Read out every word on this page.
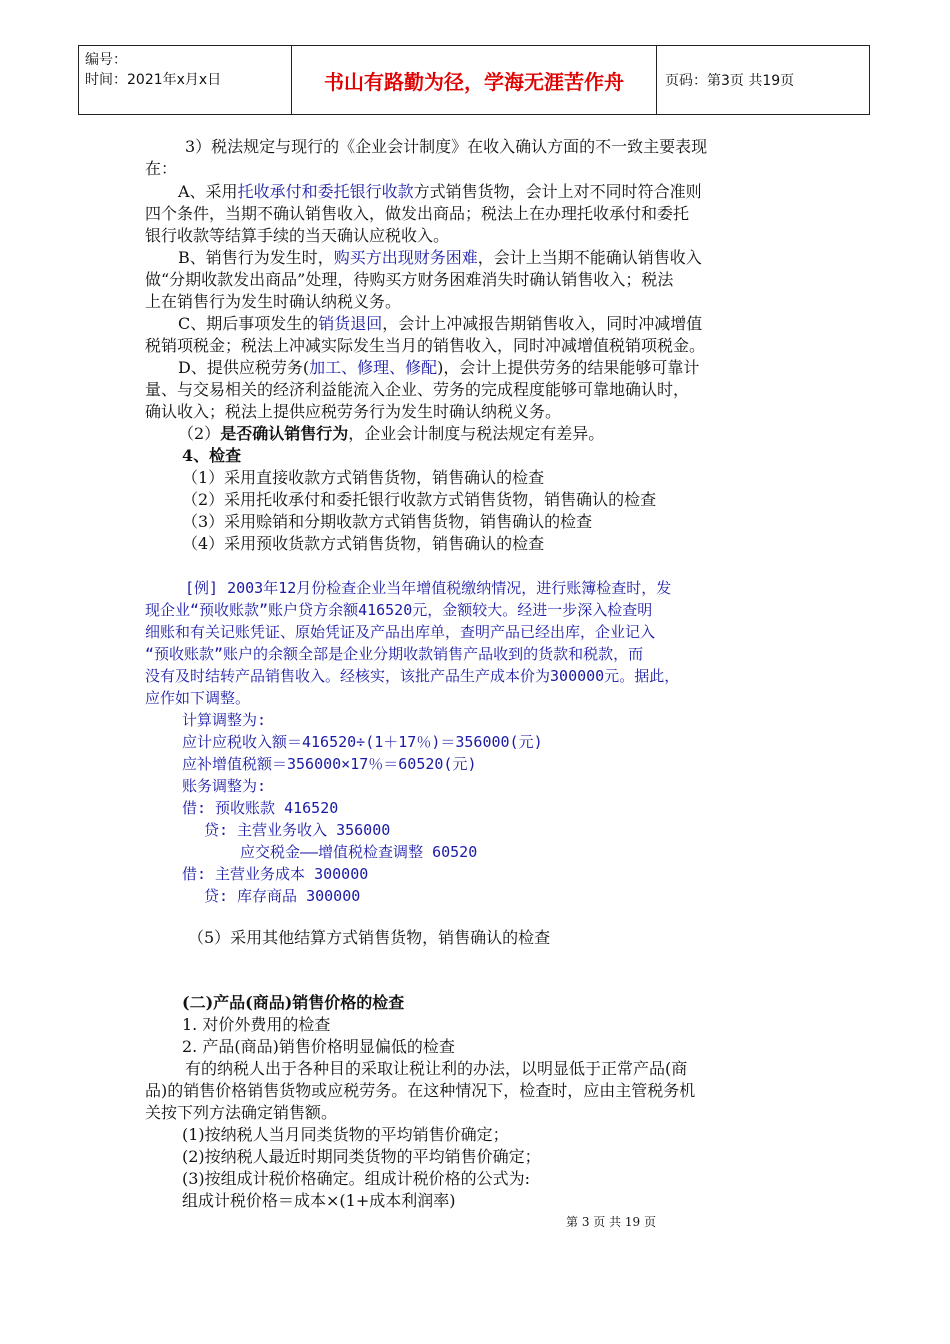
编号：
时间：2021年x月x日	书山有路勤为径，学海无涯苦作舟	页码：第3页 共19页
3）税法规定与现行的《企业会计制度》在收入确认方面的不一致主要表现
在：
A、采用托收承付和委托银行收款方式销售货物，会计上对不同时符合准则
四个条件，当期不确认销售收入，做发出商品；税法上在办理托收承付和委托
银行收款等结算手续的当天确认应税收入。
B、销售行为发生时，购买方出现财务困难，会计上当期不能确认销售收入
做“分期收款发出商品”处理，待购买方财务困难消失时确认销售收入；税法
上在销售行为发生时确认纳税义务。
C、期后事项发生的销货退回，会计上冲减报告期销售收入，同时冲减增值
税销项税金；税法上冲减实际发生当月的销售收入，同时冲减增值税销项税金。
D、提供应税劳务(加工、修理、修配)，会计上提供劳务的结果能够可靠计
量、与交易相关的经济利益能流入企业、劳务的完成程度能够可靠地确认时，
确认收入；税法上提供应税劳务行为发生时确认纳税义务。
（2）是否确认销售行为，企业会计制度与税法规定有差异。
4、检查
（1）采用直接收款方式销售货物，销售确认的检查
（2）采用托收承付和委托银行收款方式销售货物，销售确认的检查
（3）采用赊销和分期收款方式销售货物，销售确认的检查
（4）采用预收货款方式销售货物，销售确认的检查
[例] 2003年12月份检查企业当年增值税缴纳情况，进行账簿检查时，发
现企业“预收账款”账户贷方余额416520元，金额较大。经进一步深入检查明
细账和有关记账凭证、原始凭证及产品出库单，查明产品已经出库，企业记入
“预收账款”账户的余额全部是企业分期收款销售产品收到的货款和税款，而
没有及时结转产品销售收入。经核实，该批产品生产成本价为300000元。据此，
应作如下调整。
计算调整为:
应计应税收入额＝416520÷(1＋17％)＝356000(元)
应补增值税额＝356000×17％＝60520(元)
账务调整为:
借: 预收账款 416520
贷: 主营业务收入 356000
应交税金——增值税检查调整 60520
借: 主营业务成本 300000
贷: 库存商品 300000
（5）采用其他结算方式销售货物，销售确认的检查
(二)产品(商品)销售价格的检查
1. 对价外费用的检查
2. 产品(商品)销售价格明显偏低的检查
有的纳税人出于各种目的采取让税让利的办法，以明显低于正常产品(商
品)的销售价格销售货物或应税劳务。在这种情况下，检查时，应由主管税务机
关按下列方法确定销售额。
(1)按纳税人当月同类货物的平均销售价确定；
(2)按纳税人最近时期同类货物的平均销售价确定；
(3)按组成计税价格确定。组成计税价格的公式为:
组成计税价格＝成本×(1+成本利润率)
第 3 页 共 19 页
